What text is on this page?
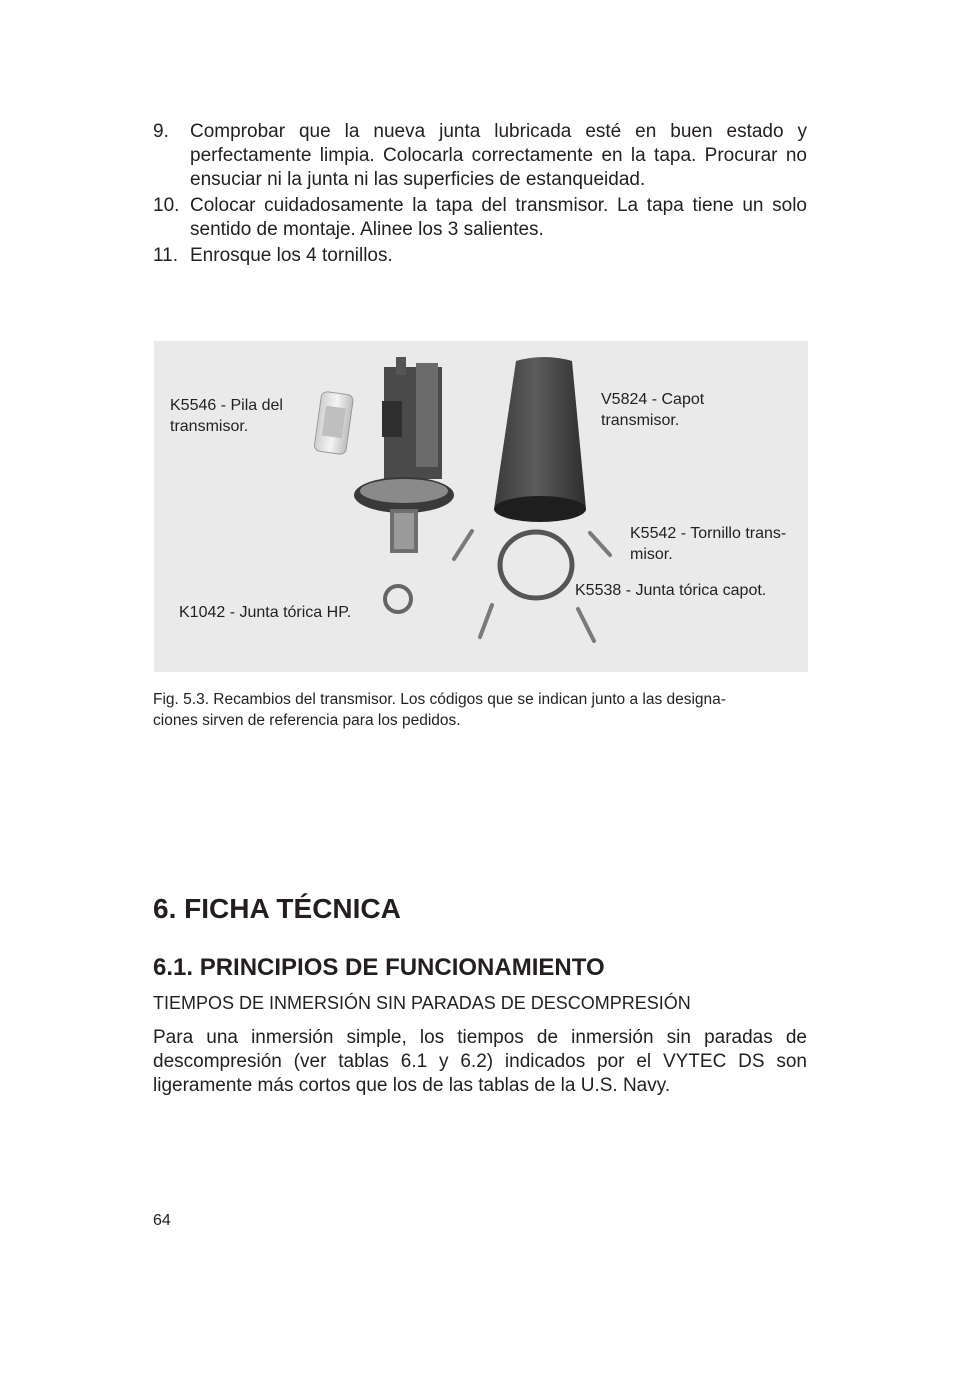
9. Comprobar que la nueva junta lubricada esté en buen estado y perfectamente limpia. Colocarla correctamente en la tapa. Procurar no ensuciar ni la junta ni las superficies de estanqueidad.
10. Colocar cuidadosamente la tapa del transmisor. La tapa tiene un solo sentido de montaje. Alinee los 3 salientes.
11. Enrosque los 4 tornillos.
K5546 - Pila del
transmisor.
V5824 - Capot
transmisor.
K5542 - Tornillo trans-
misor.
K5538 - Junta tórica capot.
K1042 - Junta tórica HP.
Fig. 5.3. Recambios del transmisor. Los códigos que se indican junto a las designa-
ciones sirven de referencia para los pedidos.
6. FICHA TÉCNICA
6.1. PRINCIPIOS DE FUNCIONAMIENTO
TIEMPOS DE INMERSIÓN SIN PARADAS DE DESCOMPRESIÓN

Para una inmersión simple, los tiempos de inmersión sin paradas de descompresión (ver tablas 6.1 y 6.2) indicados por el VYTEC DS son ligeramente más cortos que los de las tablas de la U.S. Navy.

64
